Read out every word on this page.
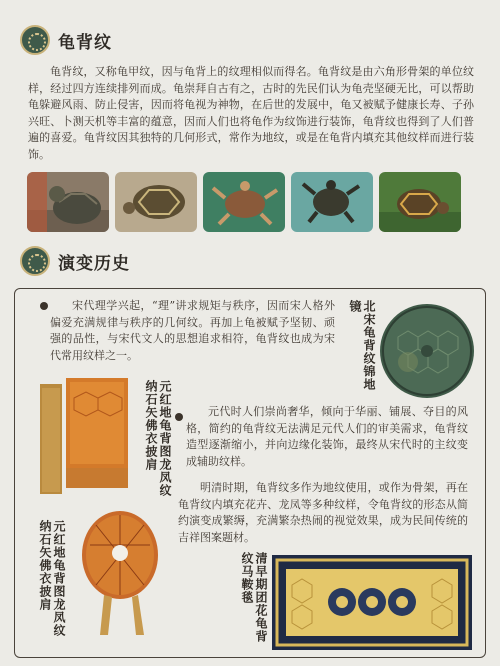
龟背纹

龟背纹，又称龟甲纹，因与龟背上的纹理相似而得名。龟背纹是由六角形骨架的单位纹样，经过四方连续排列而成。龟崇拜自古有之，古时的先民们认为龟壳坚硬无比，可以帮助龟躲避风雨、防止侵害，因而将龟视为神物，在后世的发展中，龟又被赋予健康长寿、子孙兴旺、卜测天机等丰富的蕴意，因而人们也将龟作为纹饰进行装饰，龟背纹也得到了人们普遍的喜爱。龟背纹因其独特的几何形式，常作为地纹，或是在龟背内填充其他纹样而进行装饰。

演变历史

宋代理学兴起，“理”讲求规矩与秩序，因而宋人格外偏爱充满规律与秩序的几何纹。再加上龟被赋予坚韧、顽强的品性，与宋代文人的思想追求相符，龟背纹也成为宋代常用纹样之一。	北宋龟背纹锦地镜
元红地龟背图龙凤纹纳石矢佛衣披肩
元红地龟背图龙凤纹纳石矢佛衣披肩

元代时人们崇尚奢华，倾向于华丽、铺展、夺目的风格，简约的龟背纹无法满足元代人们的审美需求，龟背纹造型逐渐缩小，并向边缘化装饰，最终从宋代时的主纹变成辅助纹样。

明清时期，龟背纹多作为地纹使用，或作为骨架，再在龟背纹内填充花卉、龙凤等多种纹样，令龟背纹的形态从简约演变成繁缛，充满繁杂热闹的视觉效果，成为民间传统的吉祥图案题材。

清早期团花龟背纹马鞍毯
